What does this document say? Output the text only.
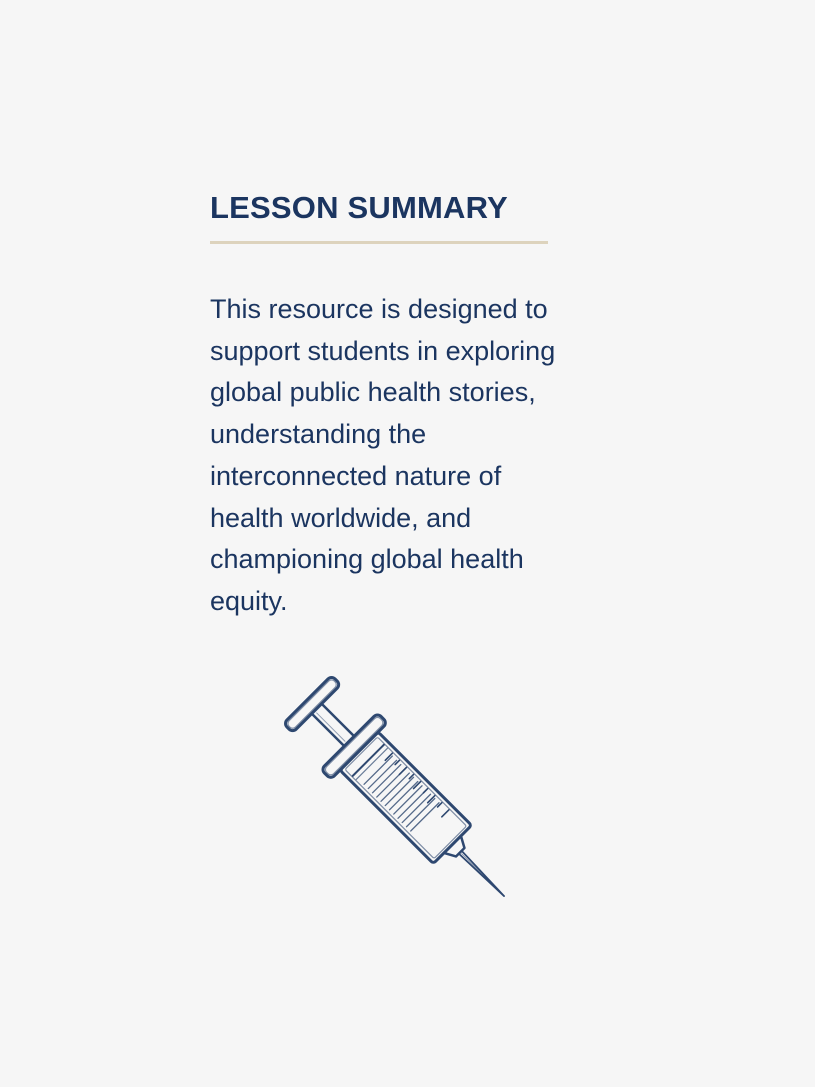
LESSON SUMMARY

This resource is designed to
support students in exploring
global public health stories,
understanding the
interconnected nature of
health worldwide, and
championing global health
equity.
